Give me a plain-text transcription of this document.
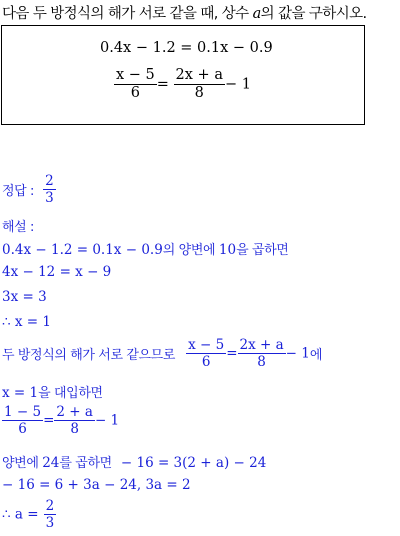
다음 두 방정식의 해가 서로 같을 때, 상수 a의 값을 구하시오.
0.4x − 1.2 = 0.1x − 0.9
$\frac{x - 5}{6} = \frac{2x + a}{8} - 1$
정답 : $\frac{2}{3}$
해설 :
0.4x − 1.2 = 0.1x − 0.9의 양변에 10을 곱하면
4x − 12 = x − 9
3x = 3
∴ x = 1
두 방정식의 해가 서로 같으므로 $\frac{x - 5}{6} = \frac{2x + a}{8} - 1$에
x = 1을 대입하면
$\frac{1 - 5}{6} = \frac{2 + a}{8} - 1$
양변에 24를 곱하면 − 16 = 3(2 + a) − 24
− 16 = 6 + 3a − 24, 3a = 2
∴ $a = \frac{2}{3}$
